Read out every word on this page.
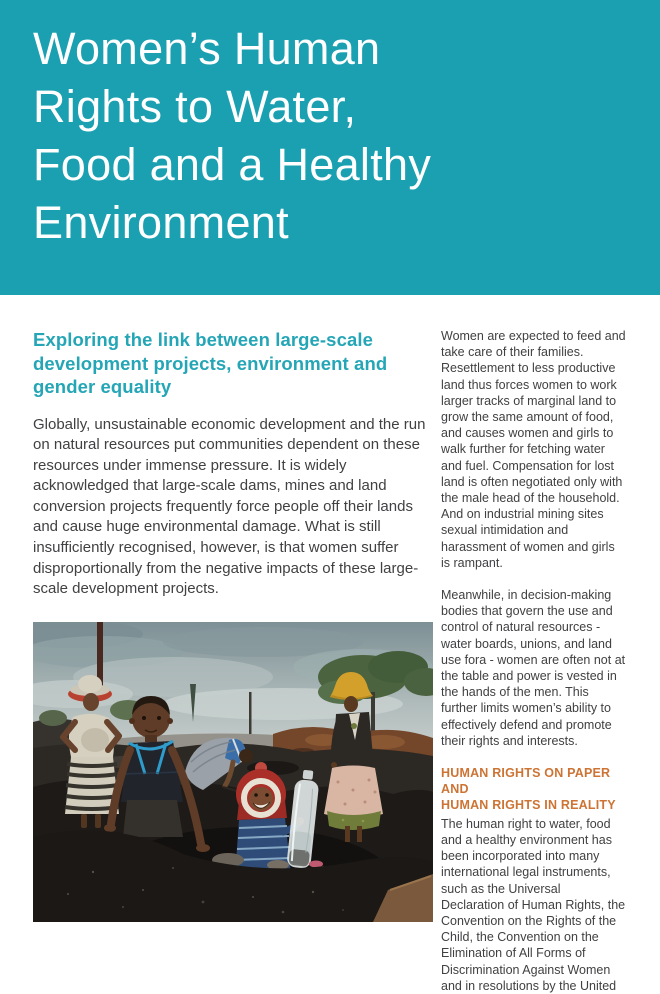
Women’s Human
Rights to Water,
Food and a Healthy
Environment
Exploring the link between large-scale development projects, environment and gender equality

Globally, unsustainable economic development and the run on natural resources put communities dependent on these resources under immense pressure. It is widely acknowledged that large-scale dams, mines and land conversion projects frequently force people off their lands and cause huge environmental damage. What is still insufficiently recognised, however, is that women suffer disproportionally from the negative impacts of these large-scale development projects.

Women are expected to feed and take care of their families. Resettlement to less productive land thus forces women to work larger tracks of marginal land to grow the same amount of food, and causes women and girls to walk further for fetching water and fuel. Compensation for lost land is often negotiated only with the male head of the household. And on industrial mining sites sexual intimidation and harassment of women and girls is rampant.

Meanwhile, in decision-making bodies that govern the use and control of natural resources - water boards, unions, and land use fora - women are often not at the table and power is vested in the hands of the men. This further limits women’s ability to effectively defend and promote their rights and interests.

HUMAN RIGHTS ON PAPER AND
HUMAN RIGHTS IN REALITY

The human right to water, food and a healthy environment has been incorporated into many international legal instruments, such as the Universal Declaration of Human Rights, the Convention on the Rights of the Child, the Convention on the Elimination of All Forms of Discrimination Against Women and in resolutions by the United
